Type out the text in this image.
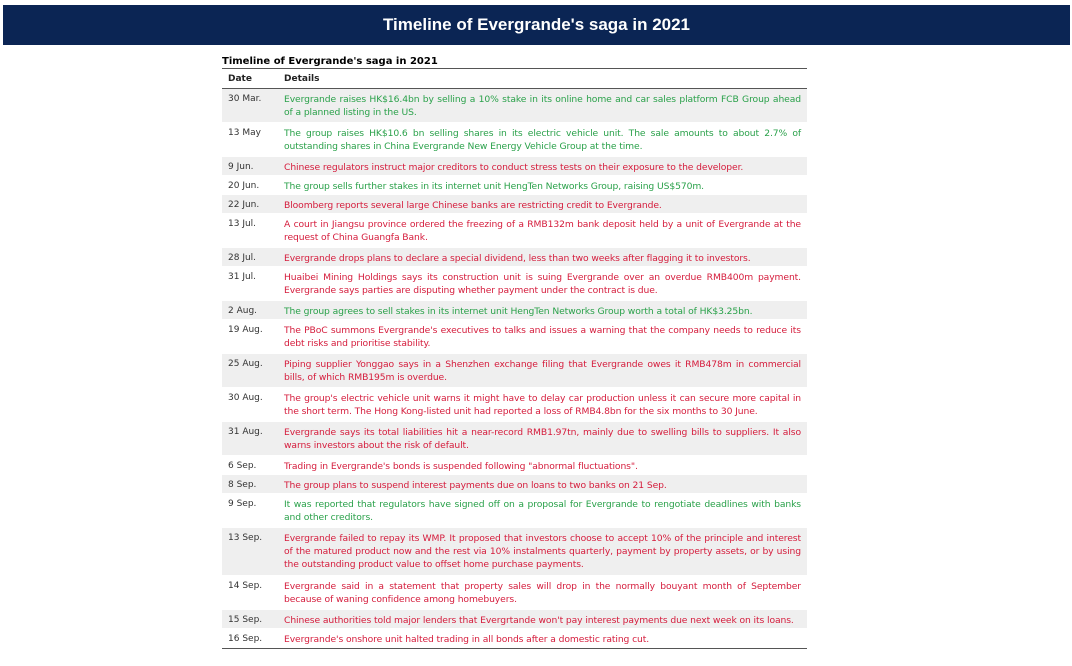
Timeline of Evergrande's saga in 2021
Timeline of Evergrande's saga in 2021
Date	Details
30 Mar.	Evergrande raises HK$16.4bn by selling a 10% stake in its online home and car sales platform FCB Group ahead of a planned listing in the US.
13 May	The group raises HK$10.6 bn selling shares in its electric vehicle unit. The sale amounts to about 2.7% of outstanding shares in China Evergrande New Energy Vehicle Group at the time.
9 Jun.	Chinese regulators instruct major creditors to conduct stress tests on their exposure to the developer.
20 Jun.	The group sells further stakes in its internet unit HengTen Networks Group, raising US$570m.
22 Jun.	Bloomberg reports several large Chinese banks are restricting credit to Evergrande.
13 Jul.	A court in Jiangsu province ordered the freezing of a RMB132m bank deposit held by a unit of Evergrande at the request of China Guangfa Bank.
28 Jul.	Evergrande drops plans to declare a special dividend, less than two weeks after flagging it to investors.
31 Jul.	Huaibei Mining Holdings says its construction unit is suing Evergrande over an overdue RMB400m payment. Evergrande says parties are disputing whether payment under the contract is due.
2 Aug.	The group agrees to sell stakes in its internet unit HengTen Networks Group worth a total of HK$3.25bn.
19 Aug.	The PBoC summons Evergrande's executives to talks and issues a warning that the company needs to reduce its debt risks and prioritise stability.
25 Aug.	Piping supplier Yonggao says in a Shenzhen exchange filing that Evergrande owes it RMB478m in commercial bills, of which RMB195m is overdue.
30 Aug.	The group's electric vehicle unit warns it might have to delay car production unless it can secure more capital in the short term. The Hong Kong-listed unit had reported a loss of RMB4.8bn for the six months to 30 June.
31 Aug.	Evergrande says its total liabilities hit a near-record RMB1.97tn, mainly due to swelling bills to suppliers. It also warns investors about the risk of default.
6 Sep.	Trading in Evergrande's bonds is suspended following "abnormal fluctuations".
8 Sep.	The group plans to suspend interest payments due on loans to two banks on 21 Sep.
9 Sep.	It was reported that regulators have signed off on a proposal for Evergrande to rengotiate deadlines with banks and other creditors.
13 Sep.	Evergrande failed to repay its WMP. It proposed that investors choose to accept 10% of the principle and interest of the matured product now and the rest via 10% instalments quarterly, payment by property assets, or by using the outstanding product value to offset home purchase payments.
14 Sep.	Evergrande said in a statement that property sales will drop in the normally bouyant month of September because of waning confidence among homebuyers.
15 Sep.	Chinese authorities told major lenders that Evergrtande won't pay interest payments due next week on its loans.
16 Sep.	Evergrande's onshore unit halted trading in all bonds after a domestic rating cut.
